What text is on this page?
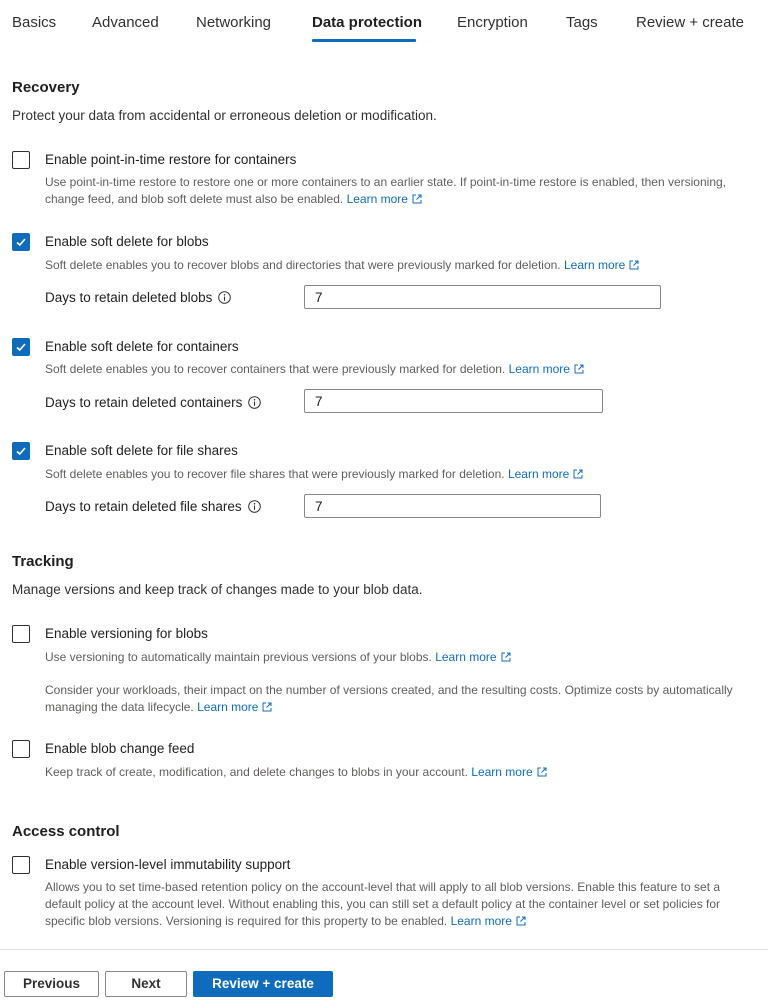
Basics Advanced Networking	Data protection Encryption	Tags	Review + create
Recovery
Protect your data from accidental or erroneous deletion or modification.
Enable point-in-time restore for containers
Use point-in-time restore to restore one or more containers to an earlier state. If point-in-time restore is enabled, then versioning, change feed, and blob soft delete must also be enabled. Learn more
Enable soft delete for blobs
Soft delete enables you to recover blobs and directories that were previously marked for deletion. Learn more
Days to retain deleted blobs
7
Enable soft delete for containers
Soft delete enables you to recover containers that were previously marked for deletion. Learn more
Days to retain deleted containers
7
Enable soft delete for file shares
Soft delete enables you to recover file shares that were previously marked for deletion. Learn more
Days to retain deleted file shares
7
Tracking
Manage versions and keep track of changes made to your blob data.
Enable versioning for blobs
Use versioning to automatically maintain previous versions of your blobs. Learn more
Consider your workloads, their impact on the number of versions created, and the resulting costs. Optimize costs by automatically managing the data lifecycle. Learn more
Enable blob change feed
Keep track of create, modification, and delete changes to blobs in your account. Learn more
Access control
Enable version-level immutability support
Allows you to set time-based retention policy on the account-level that will apply to all blob versions. Enable this feature to set a default policy at the account level. Without enabling this, you can still set a default policy at the container level or set policies for specific blob versions. Versioning is required for this property to be enabled. Learn more
Previous	Next	Review + create
